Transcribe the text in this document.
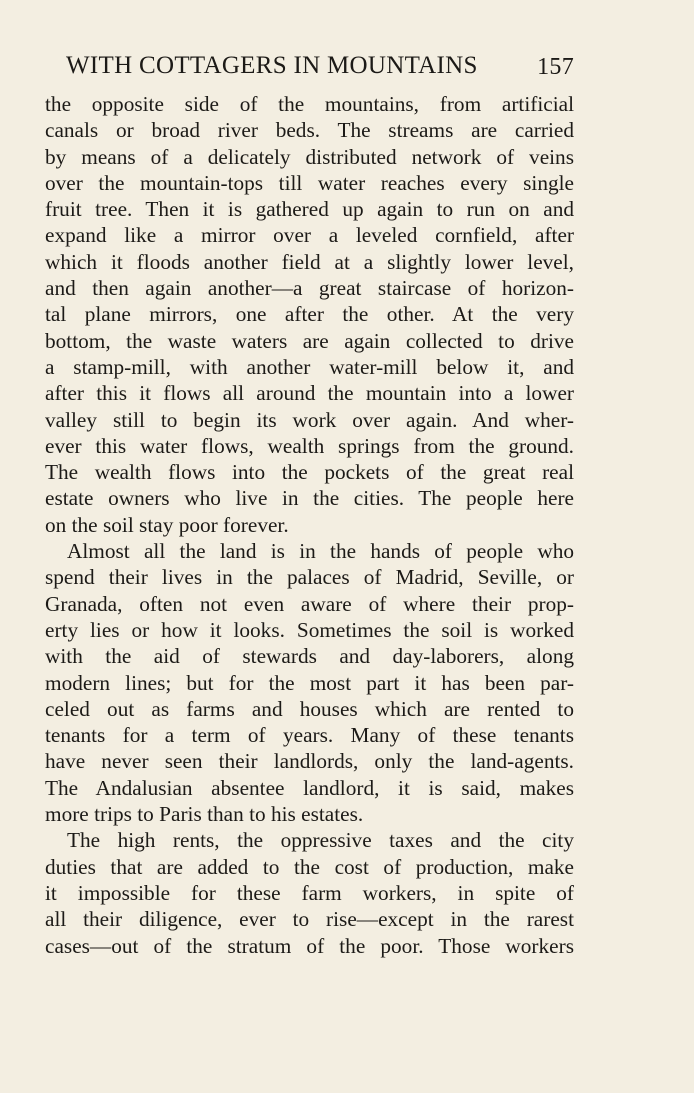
WITH COTTAGERS IN MOUNTAINS 157
the opposite side of the mountains, from artificial
canals or broad river beds. The streams are carried
by means of a delicately distributed network of veins
over the mountain-tops till water reaches every single
fruit tree. Then it is gathered up again to run on and
expand like a mirror over a leveled cornfield, after
which it floods another field at a slightly lower level,
and then again another—a great staircase of horizon-
tal plane mirrors, one after the other. At the very
bottom, the waste waters are again collected to drive
a stamp-mill, with another water-mill below it, and
after this it flows all around the mountain into a lower
valley still to begin its work over again. And wher-
ever this water flows, wealth springs from the ground.
The wealth flows into the pockets of the great real
estate owners who live in the cities. The people here
on the soil stay poor forever.
Almost all the land is in the hands of people who
spend their lives in the palaces of Madrid, Seville, or
Granada, often not even aware of where their prop-
erty lies or how it looks. Sometimes the soil is worked
with the aid of stewards and day-laborers, along
modern lines; but for the most part it has been par-
celed out as farms and houses which are rented to
tenants for a term of years. Many of these tenants
have never seen their landlords, only the land-agents.
The Andalusian absentee landlord, it is said, makes
more trips to Paris than to his estates.
The high rents, the oppressive taxes and the city
duties that are added to the cost of production, make
it impossible for these farm workers, in spite of
all their diligence, ever to rise—except in the rarest
cases—out of the stratum of the poor. Those workers
